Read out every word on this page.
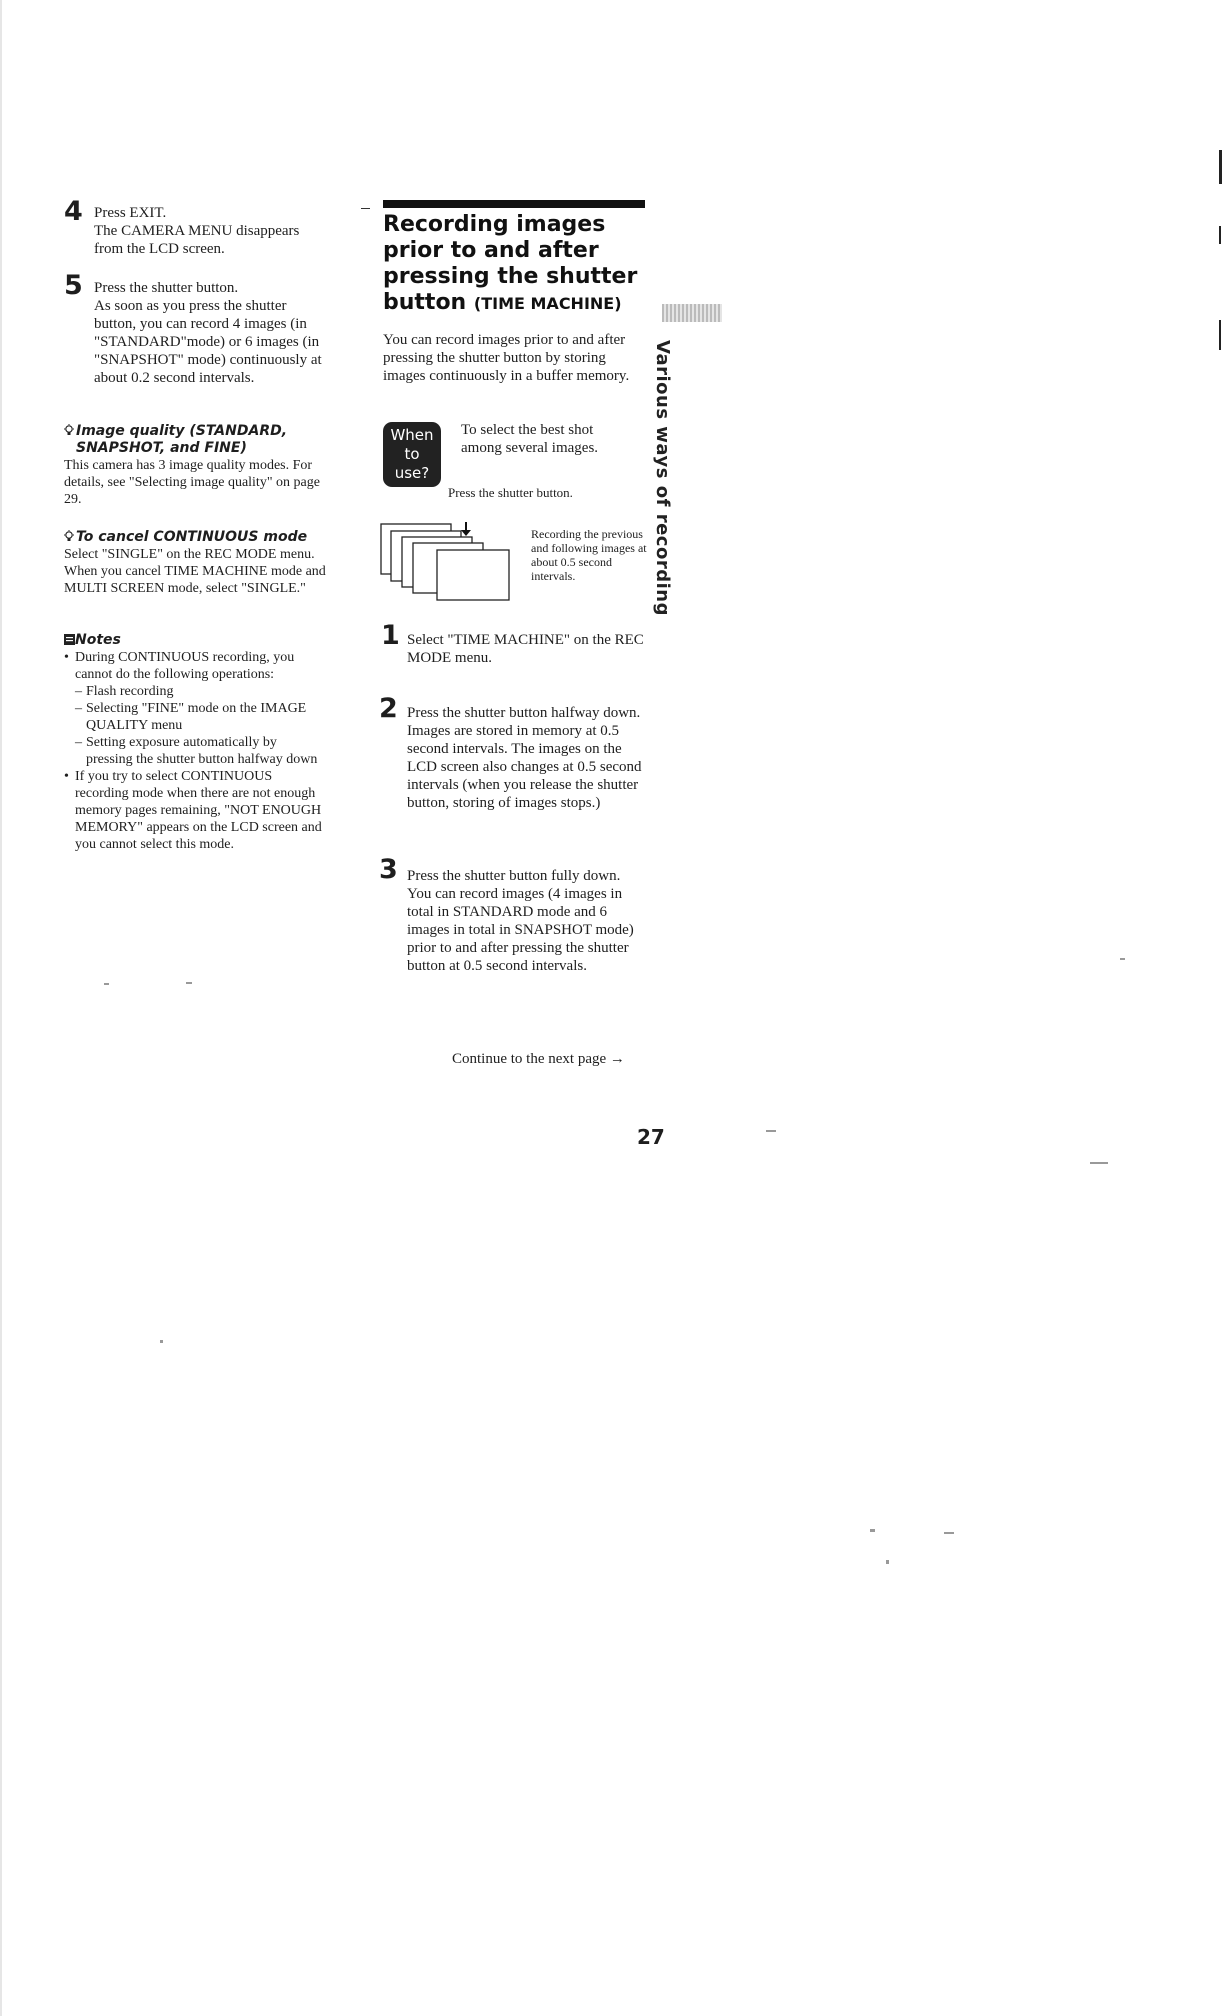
4 Press EXIT.
The CAMERA MENU disappears from the LCD screen.
5 Press the shutter button.
As soon as you press the shutter button, you can record 4 images (in "STANDARD"mode) or 6 images (in "SNAPSHOT" mode) continuously at about 0.2 second intervals.
Image quality (STANDARD, SNAPSHOT, and FINE)
This camera has 3 image quality modes. For details, see "Selecting image quality" on page 29.
To cancel CONTINUOUS mode
Select "SINGLE" on the REC MODE menu. When you cancel TIME MACHINE mode and MULTI SCREEN mode, select "SINGLE."
Notes
• During CONTINUOUS recording, you cannot do the following operations:
– Flash recording
– Selecting "FINE" mode on the IMAGE QUALITY menu
– Setting exposure automatically by pressing the shutter button halfway down
• If you try to select CONTINUOUS recording mode when there are not enough memory pages remaining, "NOT ENOUGH MEMORY" appears on the LCD screen and you cannot select this mode.
Recording images prior to and after pressing the shutter button (TIME MACHINE)
You can record images prior to and after pressing the shutter button by storing images continuously in a buffer memory.
When to use?
To select the best shot among several images.
Press the shutter button.
Recording the previous and following images at about 0.5 second intervals.
1 Select "TIME MACHINE" on the REC MODE menu.
2 Press the shutter button halfway down.
Images are stored in memory at 0.5 second intervals. The images on the LCD screen also changes at 0.5 second intervals (when you release the shutter button, storing of images stops.)
3 Press the shutter button fully down.
You can record images (4 images in total in STANDARD mode and 6 images in total in SNAPSHOT mode) prior to and after pressing the shutter button at 0.5 second intervals.
Continue to the next page →
Various ways of recording
27
